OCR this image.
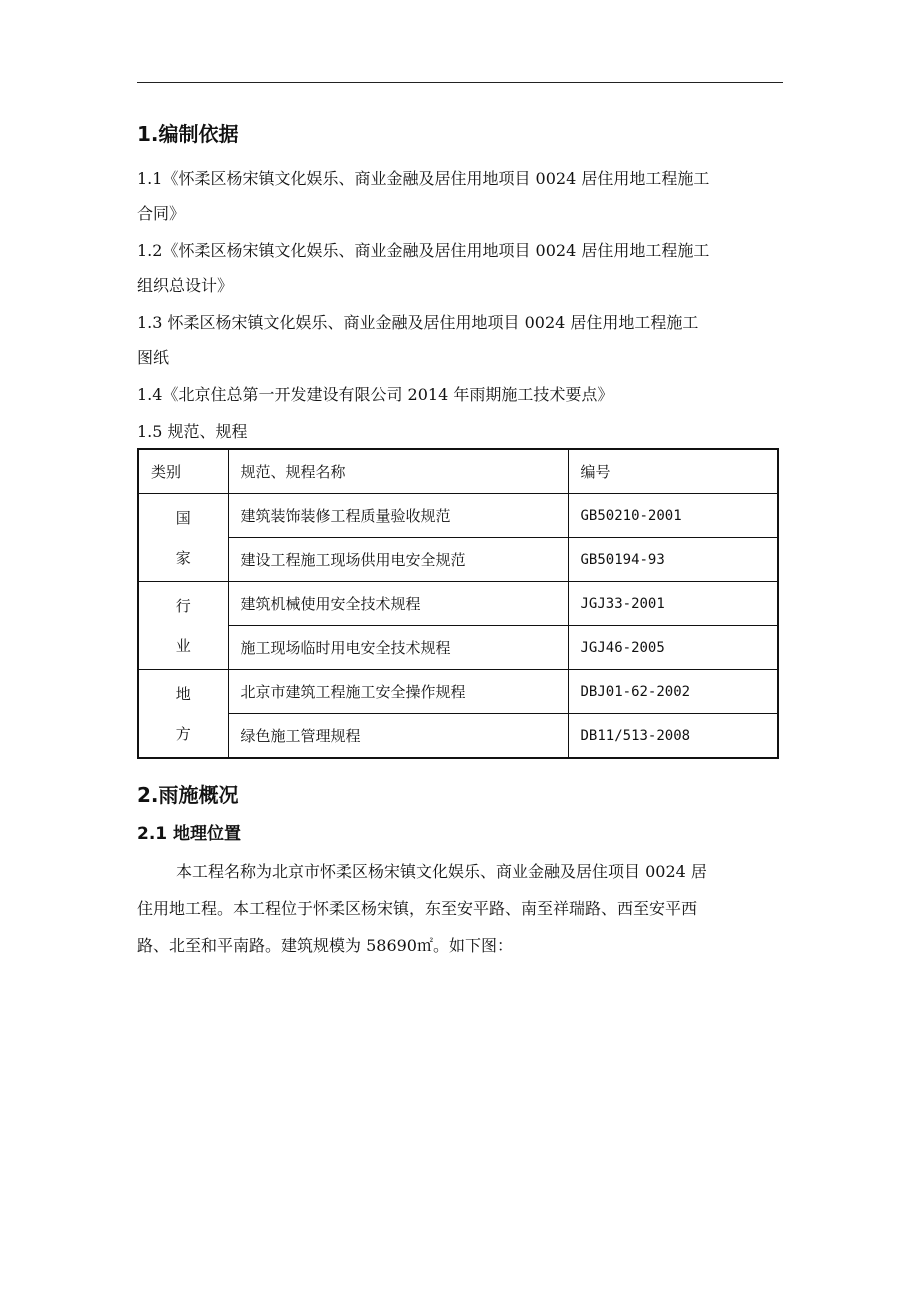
1.编制依据
1.1《怀柔区杨宋镇文化娱乐、商业金融及居住用地项目 0024 居住用地工程施工
合同》
1.2《怀柔区杨宋镇文化娱乐、商业金融及居住用地项目 0024 居住用地工程施工
组织总设计》
1.3 怀柔区杨宋镇文化娱乐、商业金融及居住用地项目 0024 居住用地工程施工
图纸
1.4《北京住总第一开发建设有限公司 2014 年雨期施工技术要点》
1.5 规范、规程
类别	规范、规程名称	编号

国
家	建筑装饰装修工程质量验收规范	GB50210-2001
	建设工程施工现场供用电安全规范	GB50194-93

行
业	建筑机械使用安全技术规程	JGJ33-2001
	施工现场临时用电安全技术规程	JGJ46-2005

地
方	北京市建筑工程施工安全操作规程	DBJ01-62-2002
	绿色施工管理规程	DB11/513-2008
2.雨施概况
2.1 地理位置
本工程名称为北京市怀柔区杨宋镇文化娱乐、商业金融及居住项目 0024 居
住用地工程。本工程位于怀柔区杨宋镇，东至安平路、南至祥瑞路、西至安平西
路、北至和平南路。建筑规模为 58690㎡。如下图：
